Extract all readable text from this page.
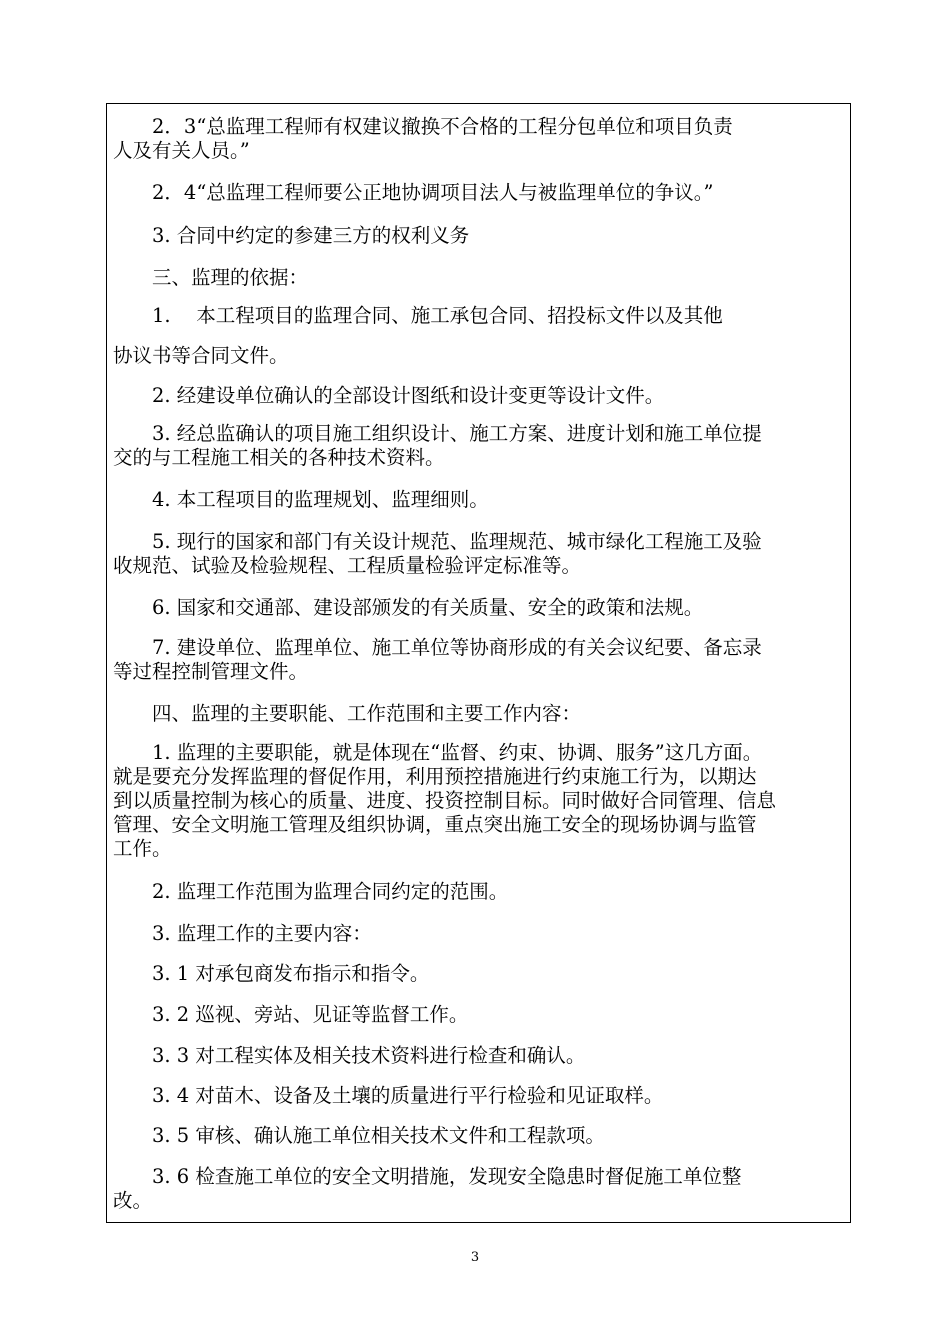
　　2．3“总监理工程师有权建议撤换不合格的工程分包单位和项目负责
人及有关人员。”
　　2．4“总监理工程师要公正地协调项目法人与被监理单位的争议。”
　　3. 合同中约定的参建三方的权利义务
　　三、监理的依据：
　　1.　 本工程项目的监理合同、施工承包合同、招投标文件以及其他
协议书等合同文件。
　　2. 经建设单位确认的全部设计图纸和设计变更等设计文件。
　　3. 经总监确认的项目施工组织设计、施工方案、进度计划和施工单位提
交的与工程施工相关的各种技术资料。
　　4. 本工程项目的监理规划、监理细则。
　　5. 现行的国家和部门有关设计规范、监理规范、城市绿化工程施工及验
收规范、试验及检验规程、工程质量检验评定标准等。
　　6. 国家和交通部、建设部颁发的有关质量、安全的政策和法规。
　　7. 建设单位、监理单位、施工单位等协商形成的有关会议纪要、备忘录
等过程控制管理文件。
　　四、监理的主要职能、工作范围和主要工作内容：
　　1. 监理的主要职能，就是体现在“监督、约束、协调、服务”这几方面。
就是要充分发挥监理的督促作用，利用预控措施进行约束施工行为，以期达
到以质量控制为核心的质量、进度、投资控制目标。同时做好合同管理、信息
管理、安全文明施工管理及组织协调，重点突出施工安全的现场协调与监管
工作。
　　2. 监理工作范围为监理合同约定的范围。
　　3. 监理工作的主要内容：
　　3. 1 对承包商发布指示和指令。
　　3. 2 巡视、旁站、见证等监督工作。
　　3. 3 对工程实体及相关技术资料进行检查和确认。
　　3. 4 对苗木、设备及土壤的质量进行平行检验和见证取样。
　　3. 5 审核、确认施工单位相关技术文件和工程款项。
　　3. 6 检查施工单位的安全文明措施，发现安全隐患时督促施工单位整
改。
3
